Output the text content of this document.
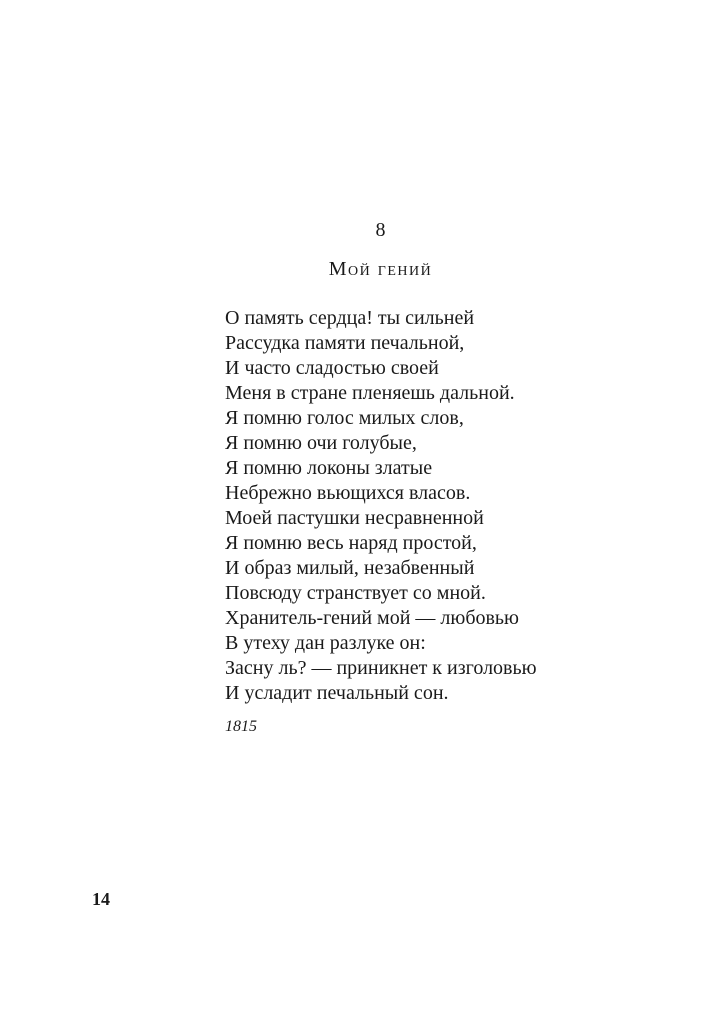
8
Мой гений
О память сердца! ты сильней
Рассудка памяти печальной,
И часто сладостью своей
Меня в стране пленяешь дальной.
Я помню голос милых слов,
Я помню очи голубые,
Я помню локоны златые
Небрежно вьющихся власов.
Моей пастушки несравненной
Я помню весь наряд простой,
И образ милый, незабвенный
Повсюду странствует со мной.
Хранитель-гений мой — любовью
В утеху дан разлуке он:
Засну ль? — приникнет к изголовью
И усладит печальный сон.
1815
14
